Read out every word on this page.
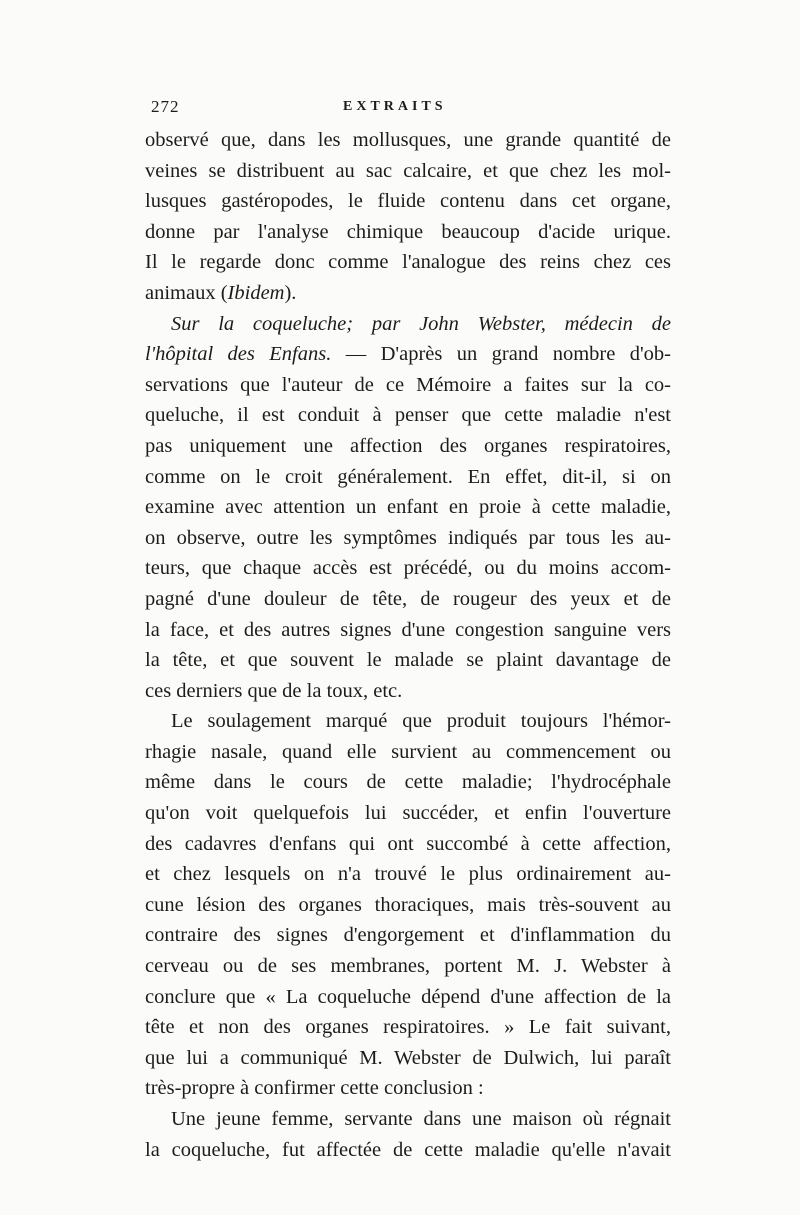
272	EXTRAITS
observé que, dans les mollusques, une grande quantité de
veines se distribuent au sac calcaire, et que chez les mol-
lusques gastéropodes, le fluide contenu dans cet organe,
donne par l'analyse chimique beaucoup d'acide urique.
Il le regarde donc comme l'analogue des reins chez ces
animaux (Ibidem).
Sur la coqueluche; par John Webster, médecin de
l'hôpital des Enfans. — D'après un grand nombre d'ob-
servations que l'auteur de ce Mémoire a faites sur la co-
queluche, il est conduit à penser que cette maladie n'est
pas uniquement une affection des organes respiratoires,
comme on le croit généralement. En effet, dit-il, si on
examine avec attention un enfant en proie à cette maladie,
on observe, outre les symptômes indiqués par tous les au-
teurs, que chaque accès est précédé, ou du moins accom-
pagné d'une douleur de tête, de rougeur des yeux et de
la face, et des autres signes d'une congestion sanguine vers
la tête, et que souvent le malade se plaint davantage de
ces derniers que de la toux, etc.
Le soulagement marqué que produit toujours l'hémor-
rhagie nasale, quand elle survient au commencement ou
même dans le cours de cette maladie; l'hydrocéphale
qu'on voit quelquefois lui succéder, et enfin l'ouverture
des cadavres d'enfans qui ont succombé à cette affection,
et chez lesquels on n'a trouvé le plus ordinairement au-
cune lésion des organes thoraciques, mais très-souvent au
contraire des signes d'engorgement et d'inflammation du
cerveau ou de ses membranes, portent M. J. Webster à
conclure que « La coqueluche dépend d'une affection de la
tête et non des organes respiratoires. » Le fait suivant,
que lui a communiqué M. Webster de Dulwich, lui paraît
très-propre à confirmer cette conclusion :
Une jeune femme, servante dans une maison où régnait
la coqueluche, fut affectée de cette maladie qu'elle n'avait
